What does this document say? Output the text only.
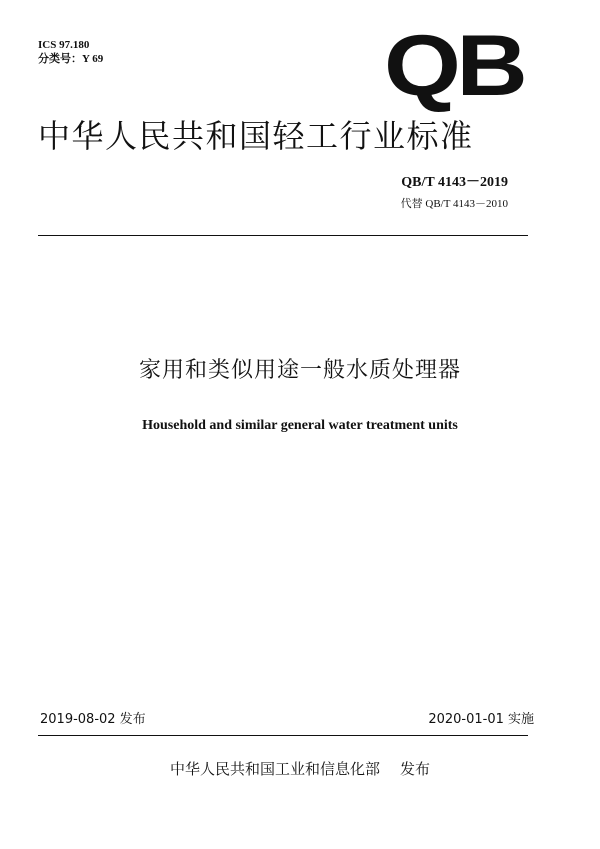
ICS 97.180
分类号：Y 69	QB
中华人民共和国轻工行业标准
QB/T 4143－2019
代替 QB/T 4143－2010
家用和类似用途一般水质处理器
Household and similar general water treatment units
2019-08-02 发布	2020-01-01 实施
中华人民共和国工业和信息化部 发布
